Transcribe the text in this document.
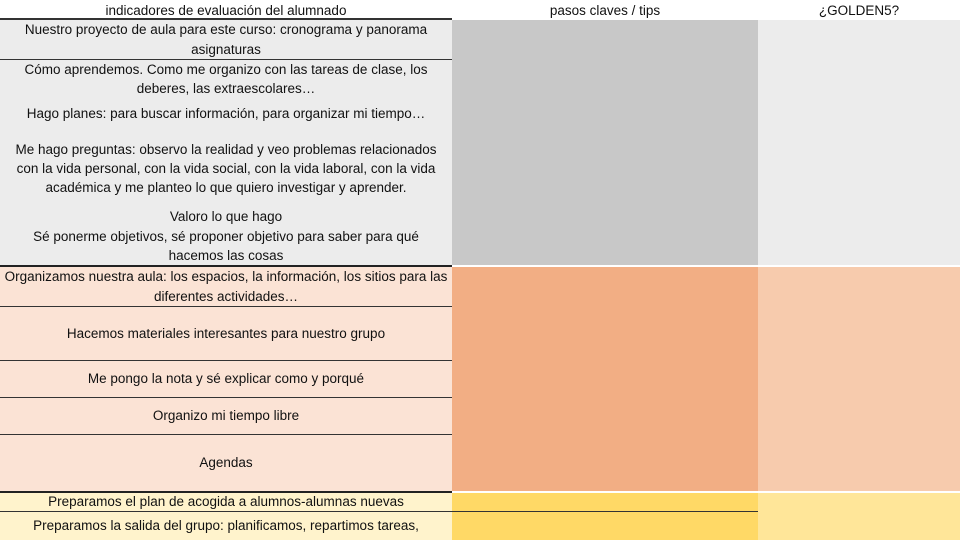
indicadores de evaluación del alumnado	pasos claves / tips	¿GOLDEN5?
Nuestro proyecto de aula para este curso: cronograma y panorama asignaturas
Cómo aprendemos. Como me organizo con las tareas de clase, los deberes, las extraescolares…
Hago planes: para buscar información, para organizar mi tiempo…
Me hago preguntas: observo la realidad y veo problemas relacionados con la vida personal, con la vida social, con la vida laboral, con la vida académica y me planteo lo que quiero investigar y aprender.
Valoro lo que hago
Sé ponerme objetivos, sé proponer objetivo para saber para qué hacemos las cosas
Organizamos nuestra aula: los espacios, la información, los sitios para las diferentes actividades…
Hacemos materiales interesantes para nuestro grupo
Me pongo la nota y sé explicar como y porqué
Organizo mi tiempo libre
Agendas
Preparamos el plan de acogida a alumnos-alumnas nuevas
Preparamos la salida del grupo: planificamos, repartimos tareas,
